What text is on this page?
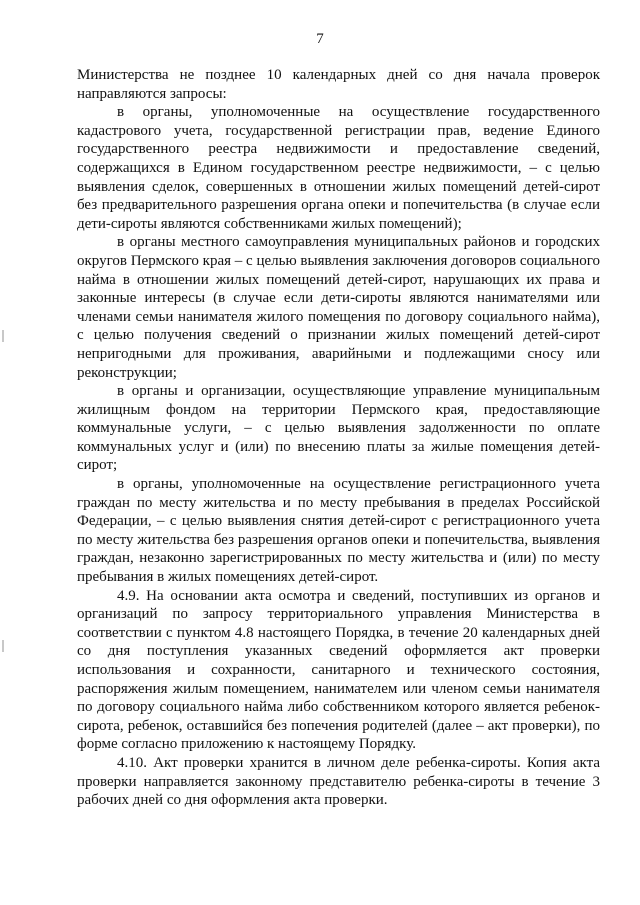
7

Министерства не позднее 10 календарных дней со дня начала проверок направляются запросы:

в органы, уполномоченные на осуществление государственного кадастрового учета, государственной регистрации прав, ведение Единого государственного реестра недвижимости и предоставление сведений, содержащихся в Едином государственном реестре недвижимости, – с целью выявления сделок, совершенных в отношении жилых помещений детей-сирот без предварительного разрешения органа опеки и попечительства (в случае если дети-сироты являются собственниками жилых помещений);

в органы местного самоуправления муниципальных районов и городских округов Пермского края – с целью выявления заключения договоров социального найма в отношении жилых помещений детей-сирот, нарушающих их права и законные интересы (в случае если дети-сироты являются нанимателями или членами семьи нанимателя жилого помещения по договору социального найма), с целью получения сведений о признании жилых помещений детей-сирот непригодными для проживания, аварийными и подлежащими сносу или реконструкции;

в органы и организации, осуществляющие управление муниципальным жилищным фондом на территории Пермского края, предоставляющие коммунальные услуги, – с целью выявления задолженности по оплате коммунальных услуг и (или) по внесению платы за жилые помещения детей-сирот;

в органы, уполномоченные на осуществление регистрационного учета граждан по месту жительства и по месту пребывания в пределах Российской Федерации, – с целью выявления снятия детей-сирот с регистрационного учета по месту жительства без разрешения органов опеки и попечительства, выявления граждан, незаконно зарегистрированных по месту жительства и (или) по месту пребывания в жилых помещениях детей-сирот.

4.9. На основании акта осмотра и сведений, поступивших из органов и организаций по запросу территориального управления Министерства в соответствии с пунктом 4.8 настоящего Порядка, в течение 20 календарных дней со дня поступления указанных сведений оформляется акт проверки использования и сохранности, санитарного и технического состояния, распоряжения жилым помещением, нанимателем или членом семьи нанимателя по договору социального найма либо собственником которого является ребенок-сирота, ребенок, оставшийся без попечения родителей (далее – акт проверки), по форме согласно приложению к настоящему Порядку.

4.10. Акт проверки хранится в личном деле ребенка-сироты. Копия акта проверки направляется законному представителю ребенка-сироты в течение 3 рабочих дней со дня оформления акта проверки.
